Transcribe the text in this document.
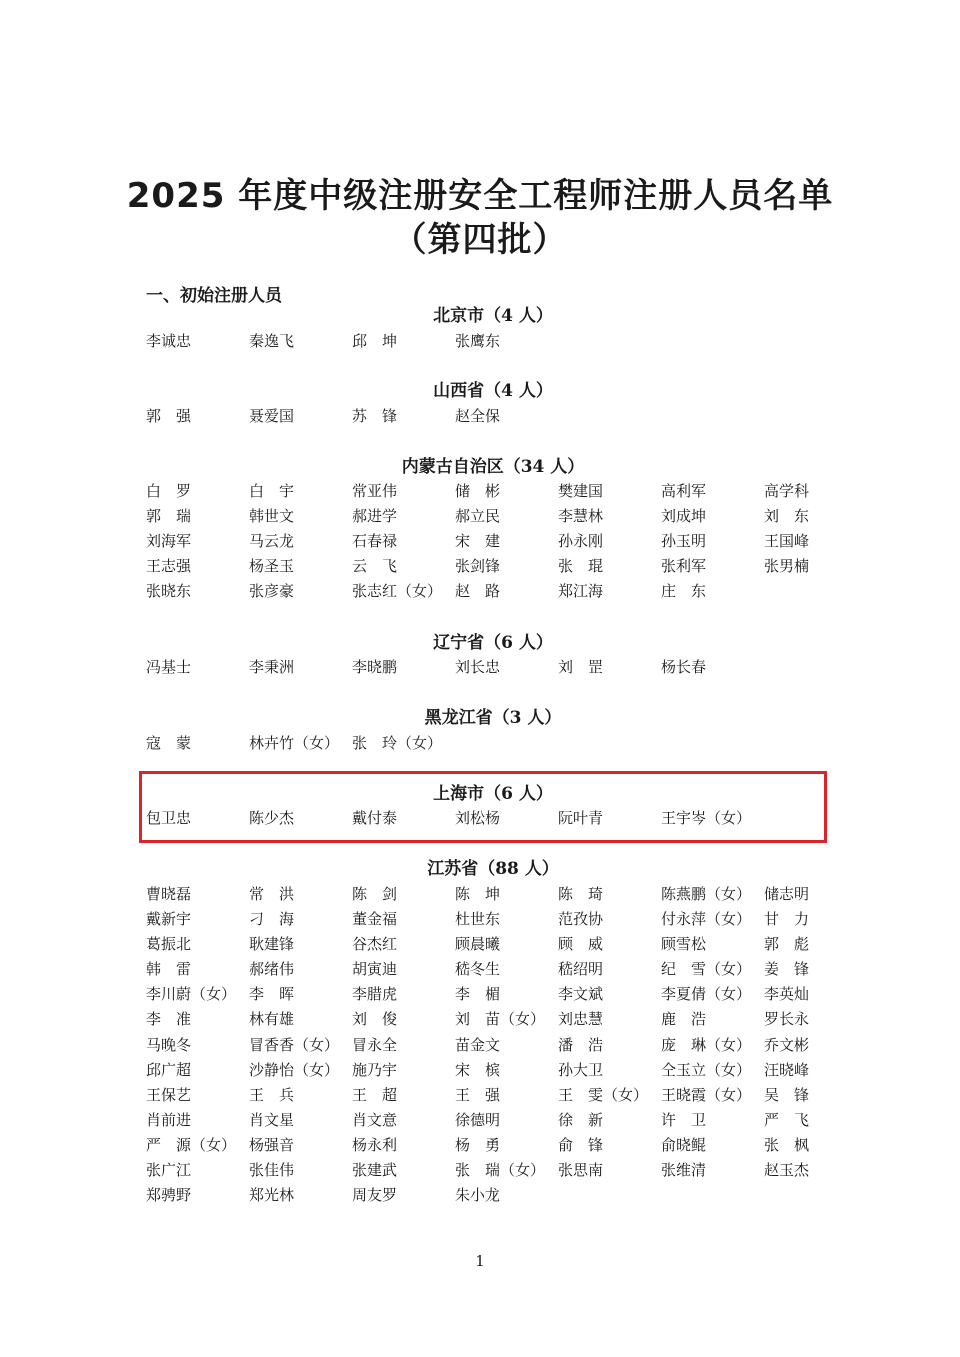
2025 年度中级注册安全工程师注册人员名单
（第四批）
一、初始注册人员
北京市（4 人）
李诚忠	秦逸飞	邱　坤	张鹰东
山西省（4 人）
郭　强	聂爱国	苏　锋	赵全保
内蒙古自治区（34 人）
白　罗	白　宇	常亚伟	储　彬	樊建国	高利军	高学科
郭　瑞	韩世文	郝进学	郝立民	李慧林	刘成坤	刘　东
刘海军	马云龙	石春禄	宋　建	孙永刚	孙玉明	王国峰
王志强	杨圣玉	云　飞	张剑锋	张　琨	张利军	张男楠
张晓东	张彦豪	张志红（女） 赵　路	郑江海	庄　东
辽宁省（6 人）
冯基士	李秉洲	李晓鹏	刘长忠	刘　罡	杨长春
黑龙江省（3 人）
寇　蒙	林卉竹（女） 张　玲（女）
上海市（6 人）
包卫忠	陈少杰	戴付泰	刘松杨	阮叶青	王宇岑（女）
江苏省（88 人）
曹晓磊	常　洪	陈　剑	陈　坤	陈　琦	陈燕鹏（女） 储志明
戴新宇	刁　海	董金福	杜世东	范孜协	付永萍（女） 甘　力
葛振北	耿建锋	谷杰红	顾晨曦	顾　威	顾雪松	郭　彪
韩　雷	郝绪伟	胡寅迪	嵇冬生	嵇绍明	纪　雪（女） 姜　锋
李川蔚（女） 李　晖	李腊虎	李　楣	李文斌	李夏倩（女） 李英灿
李　准	林有雄	刘　俊	刘　苗（女） 刘忠慧	鹿　浩	罗长永
马晚冬	冒香香（女） 冒永全	苗金文	潘　浩	庞　琳（女） 乔文彬
邱广超	沙静怡（女） 施乃宇	宋　槟	孙大卫	仝玉立（女） 汪晓峰
王保艺	王　兵	王　超	王　强	王　雯（女） 王晓霞（女） 吴　锋
肖前进	肖文星	肖文意	徐德明	徐　新	许　卫	严　飞
严　源（女） 杨强音	杨永利	杨　勇	俞　锋	俞晓鲲	张　枫
张广江	张佳伟	张建武	张　瑞（女） 张思南	张维清	赵玉杰
郑骋野	郑光林	周友罗	朱小龙
1
